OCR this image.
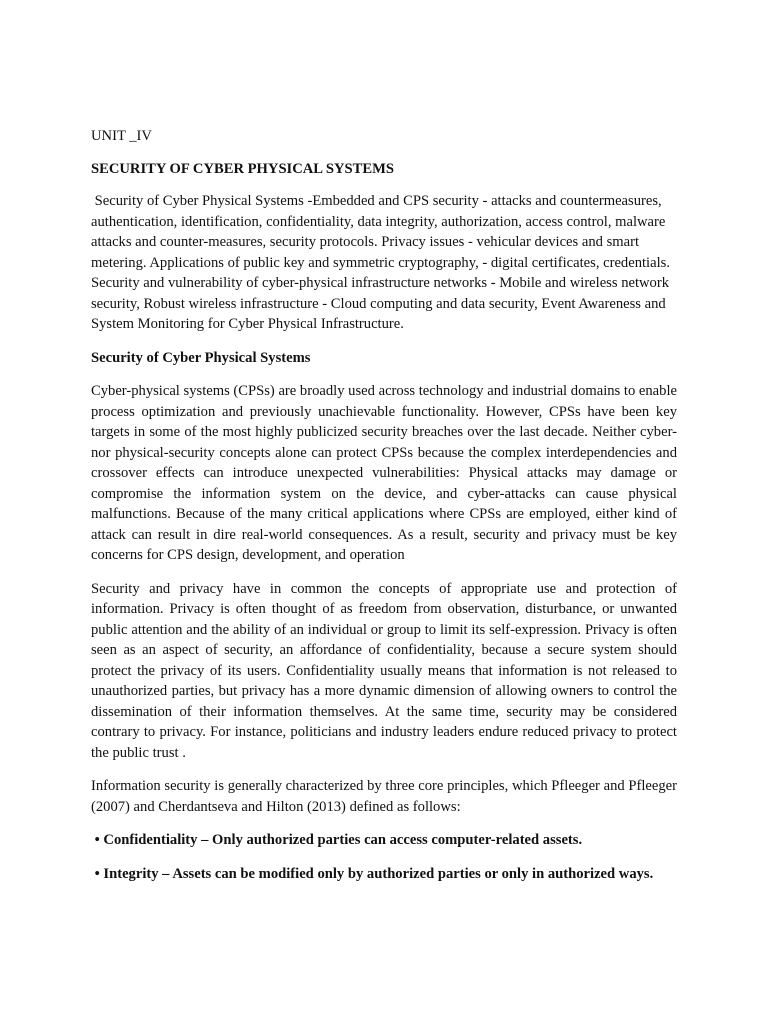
UNIT _IV

SECURITY OF CYBER PHYSICAL SYSTEMS

Security of Cyber Physical Systems -Embedded and CPS security - attacks and countermeasures, authentication, identification, confidentiality, data integrity, authorization, access control, malware attacks and counter-measures, security protocols. Privacy issues - vehicular devices and smart metering. Applications of public key and symmetric cryptography, - digital certificates, credentials. Security and vulnerability of cyber-physical infrastructure networks - Mobile and wireless network security, Robust wireless infrastructure - Cloud computing and data security, Event Awareness and System Monitoring for Cyber Physical Infrastructure.

Security of Cyber Physical Systems

Cyber-physical systems (CPSs) are broadly used across technology and industrial domains to enable process optimization and previously unachievable functionality. However, CPSs have been key targets in some of the most highly publicized security breaches over the last decade. Neither cyber- nor physical-security concepts alone can protect CPSs because the complex interdependencies and crossover effects can introduce unexpected vulnerabilities: Physical attacks may damage or compromise the information system on the device, and cyber-attacks can cause physical malfunctions. Because of the many critical applications where CPSs are employed, either kind of attack can result in dire real-world consequences. As a result, security and privacy must be key concerns for CPS design, development, and operation

Security and privacy have in common the concepts of appropriate use and protection of information. Privacy is often thought of as freedom from observation, disturbance, or unwanted public attention and the ability of an individual or group to limit its self-expression. Privacy is often seen as an aspect of security, an affordance of confidentiality, because a secure system should protect the privacy of its users. Confidentiality usually means that information is not released to unauthorized parties, but privacy has a more dynamic dimension of allowing owners to control the dissemination of their information themselves. At the same time, security may be considered contrary to privacy. For instance, politicians and industry leaders endure reduced privacy to protect the public trust .

Information security is generally characterized by three core principles, which Pfleeger and Pfleeger (2007) and Cherdantseva and Hilton (2013) defined as follows:

• Confidentiality – Only authorized parties can access computer-related assets.

• Integrity – Assets can be modified only by authorized parties or only in authorized ways.
